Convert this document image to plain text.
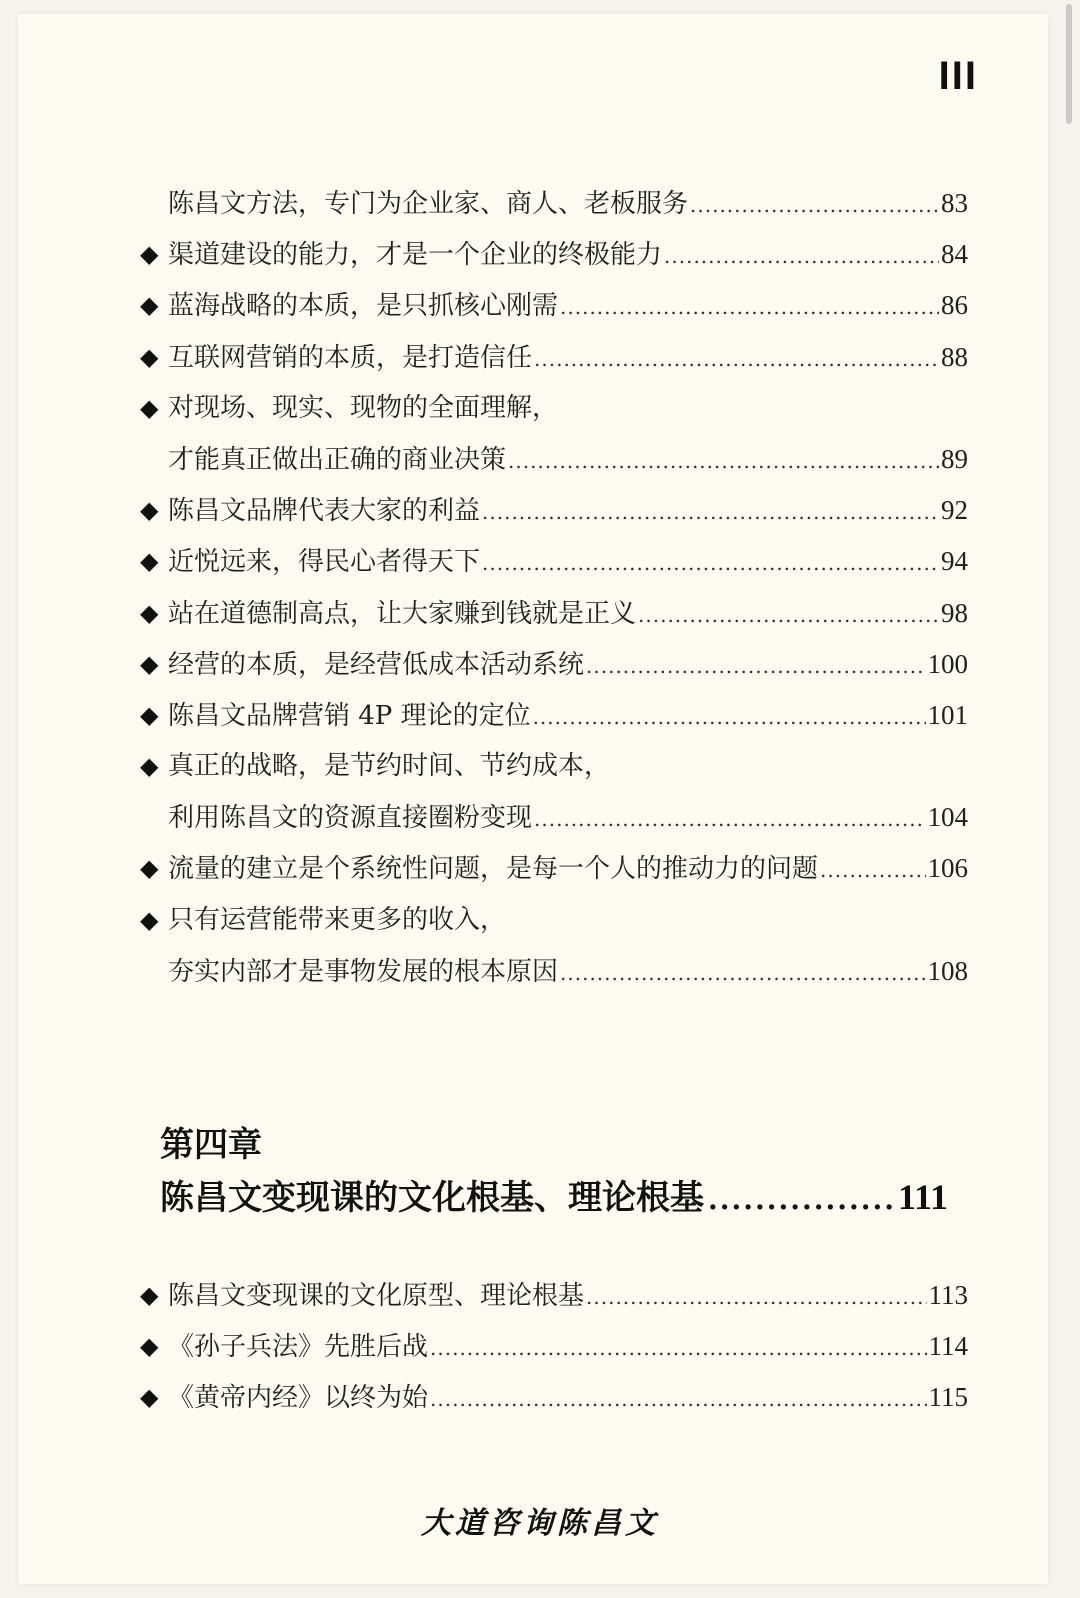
III
陈昌文方法，专门为企业家、商人、老板服务 .....	83
◆ 渠道建设的能力，才是一个企业的终极能力 .....	84
◆ 蓝海战略的本质，是只抓核心刚需 .....	86
◆ 互联网营销的本质，是打造信任 .....	88
◆ 对现场、现实、现物的全面理解，
才能真正做出正确的商业决策 .....	89
◆ 陈昌文品牌代表大家的利益 .....	92
◆ 近悦远来，得民心者得天下 .....	94
◆ 站在道德制高点，让大家赚到钱就是正义 .....	98
◆ 经营的本质，是经营低成本活动系统 .....	100
◆ 陈昌文品牌营销 4P 理论的定位 .....	101
◆ 真正的战略，是节约时间、节约成本，
利用陈昌文的资源直接圈粉变现 .....	104
◆ 流量的建立是个系统性问题，是每一个人的推动力的问题 .....	106
◆ 只有运营能带来更多的收入，
夯实内部才是事物发展的根本原因 .....	108
第四章
陈昌文变现课的文化根基、理论根基 .....	111
◆ 陈昌文变现课的文化原型、理论根基 .....	113
◆ 《孙子兵法》先胜后战 .....	114
◆ 《黄帝内经》以终为始 .....	115
大道咨询陈昌文
